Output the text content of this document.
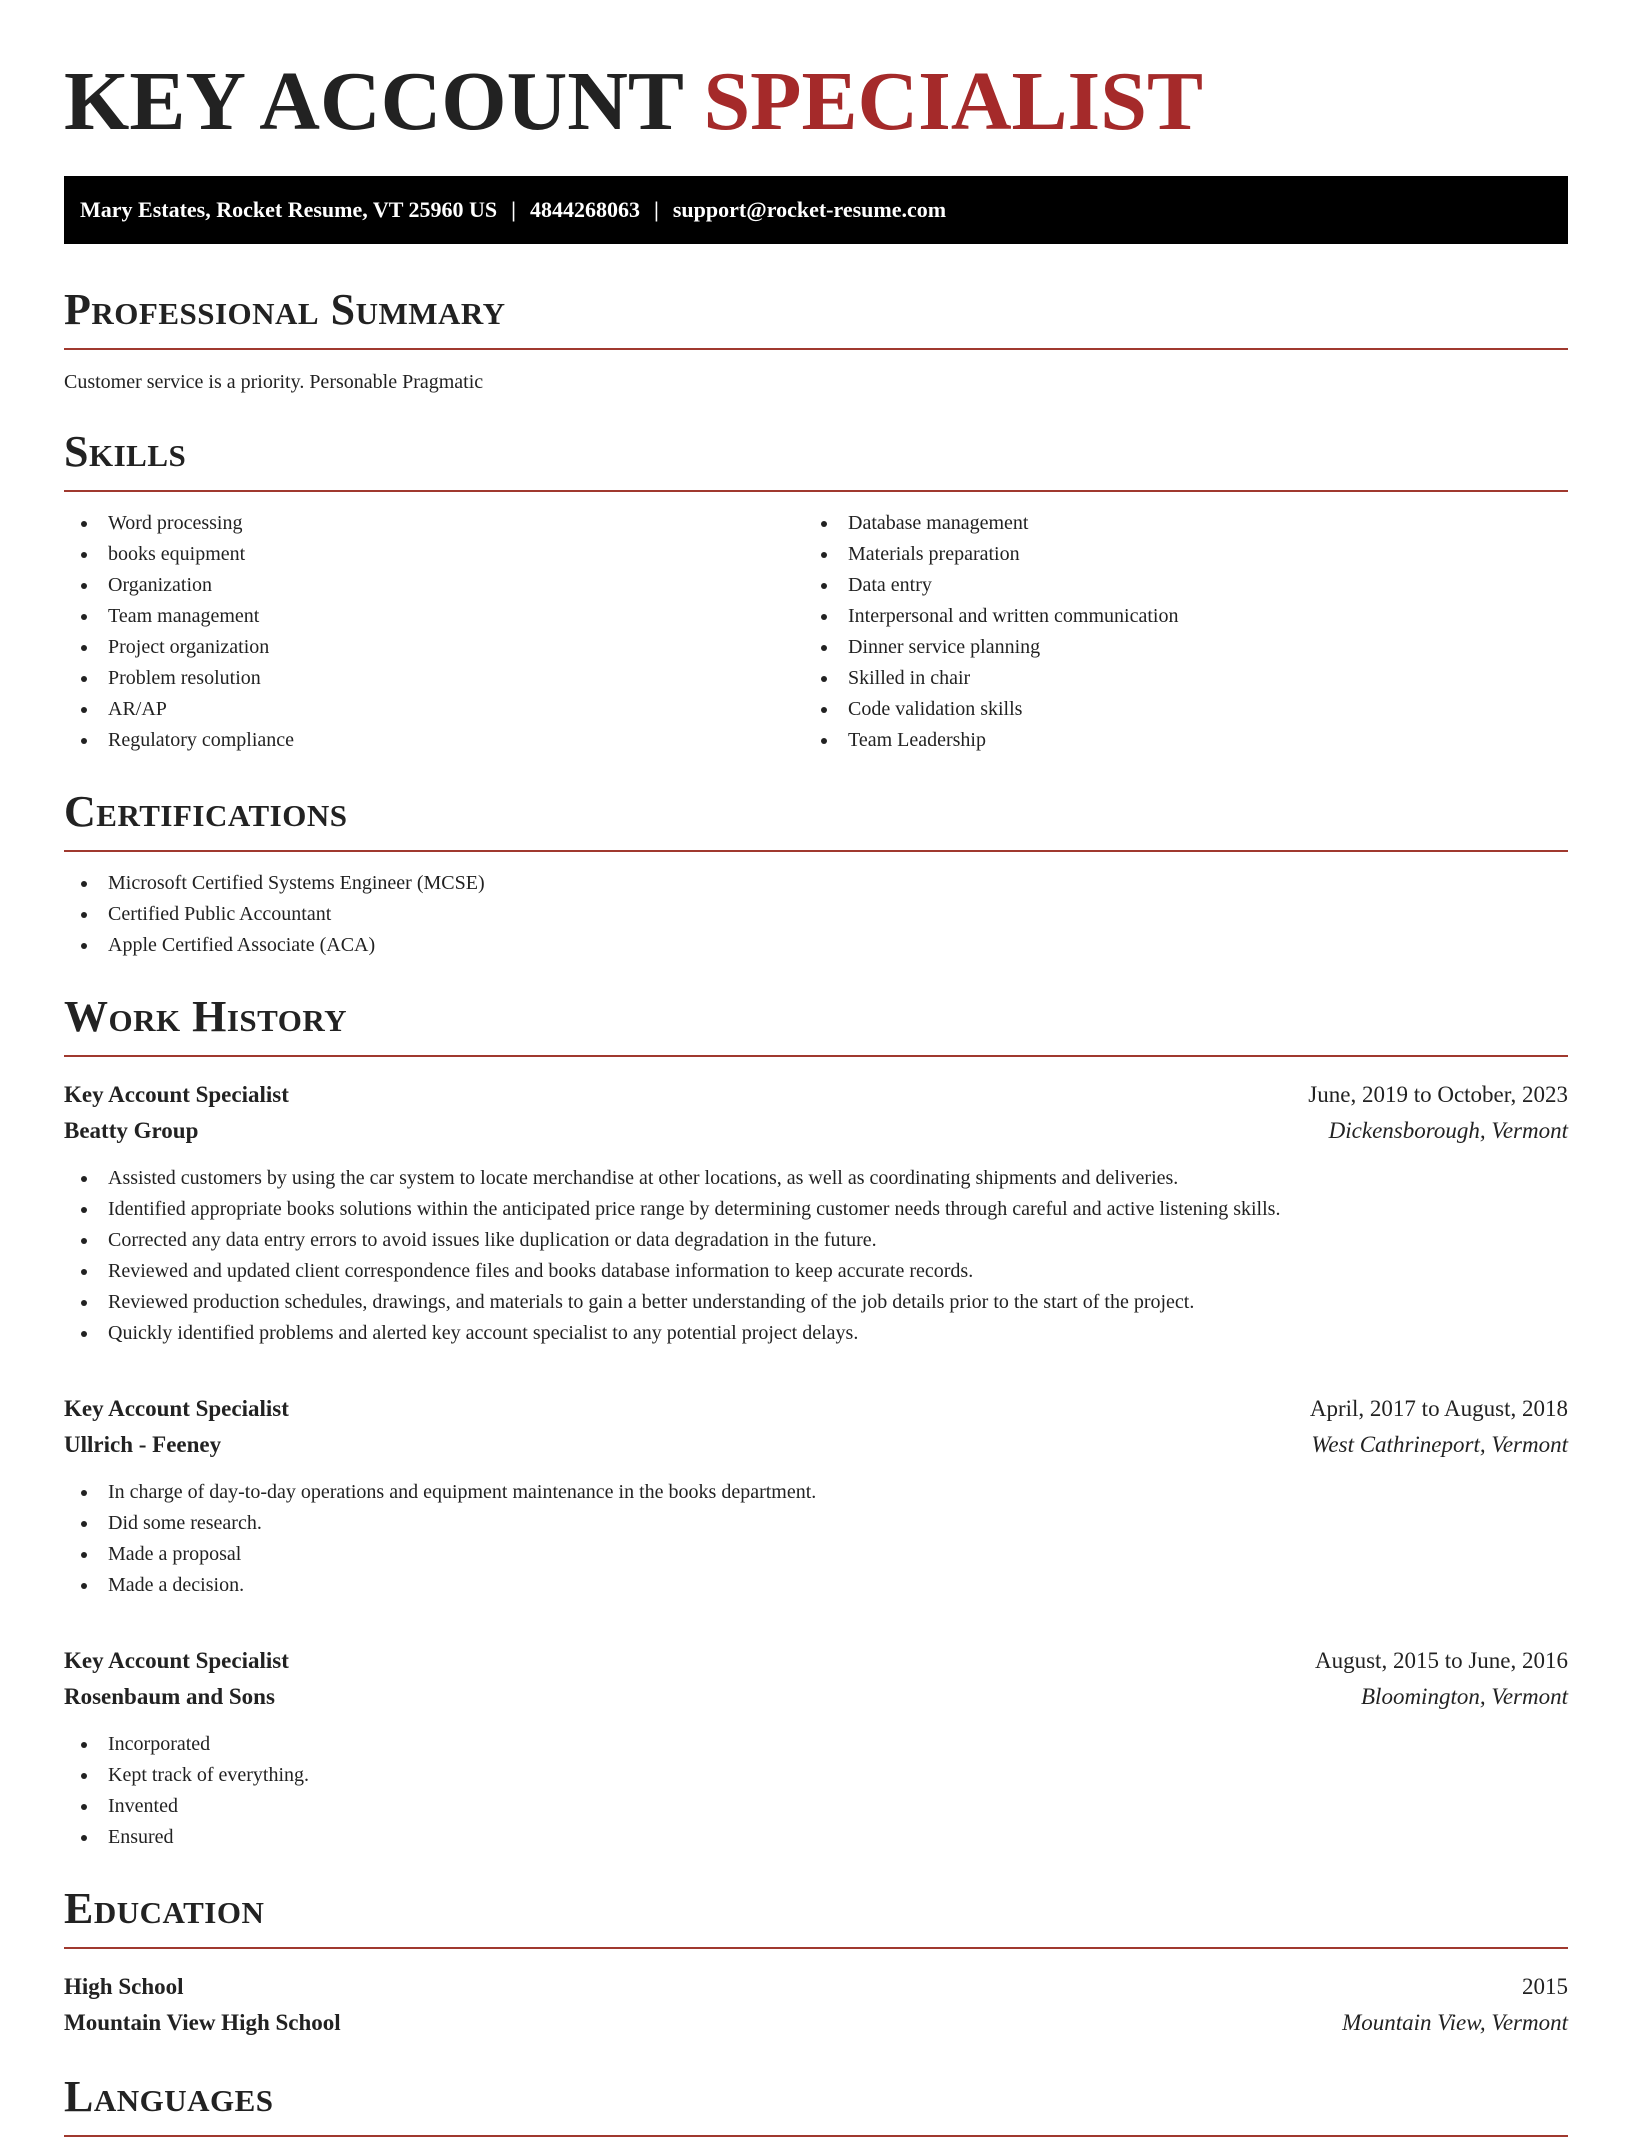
KEY ACCOUNT SPECIALIST
Mary Estates, Rocket Resume, VT 25960 US | 4844268063 | support@rocket-resume.com
Professional Summary
Customer service is a priority. Personable Pragmatic
Skills
Word processing
books equipment
Organization
Team management
Project organization
Problem resolution
AR/AP
Regulatory compliance
Database management
Materials preparation
Data entry
Interpersonal and written communication
Dinner service planning
Skilled in chair
Code validation skills
Team Leadership
Certifications
Microsoft Certified Systems Engineer (MCSE)
Certified Public Accountant
Apple Certified Associate (ACA)
Work History
Key Account Specialist	June, 2019 to October, 2023
Beatty Group	Dickensborough, Vermont
Assisted customers by using the car system to locate merchandise at other locations, as well as coordinating shipments and deliveries.
Identified appropriate books solutions within the anticipated price range by determining customer needs through careful and active listening skills.
Corrected any data entry errors to avoid issues like duplication or data degradation in the future.
Reviewed and updated client correspondence files and books database information to keep accurate records.
Reviewed production schedules, drawings, and materials to gain a better understanding of the job details prior to the start of the project.
Quickly identified problems and alerted key account specialist to any potential project delays.
Key Account Specialist	April, 2017 to August, 2018
Ullrich - Feeney	West Cathrineport, Vermont
In charge of day-to-day operations and equipment maintenance in the books department.
Did some research.
Made a proposal
Made a decision.
Key Account Specialist	August, 2015 to June, 2016
Rosenbaum and Sons	Bloomington, Vermont
Incorporated
Kept track of everything.
Invented
Ensured
Education
High School	2015
Mountain View High School	Mountain View, Vermont
Languages
